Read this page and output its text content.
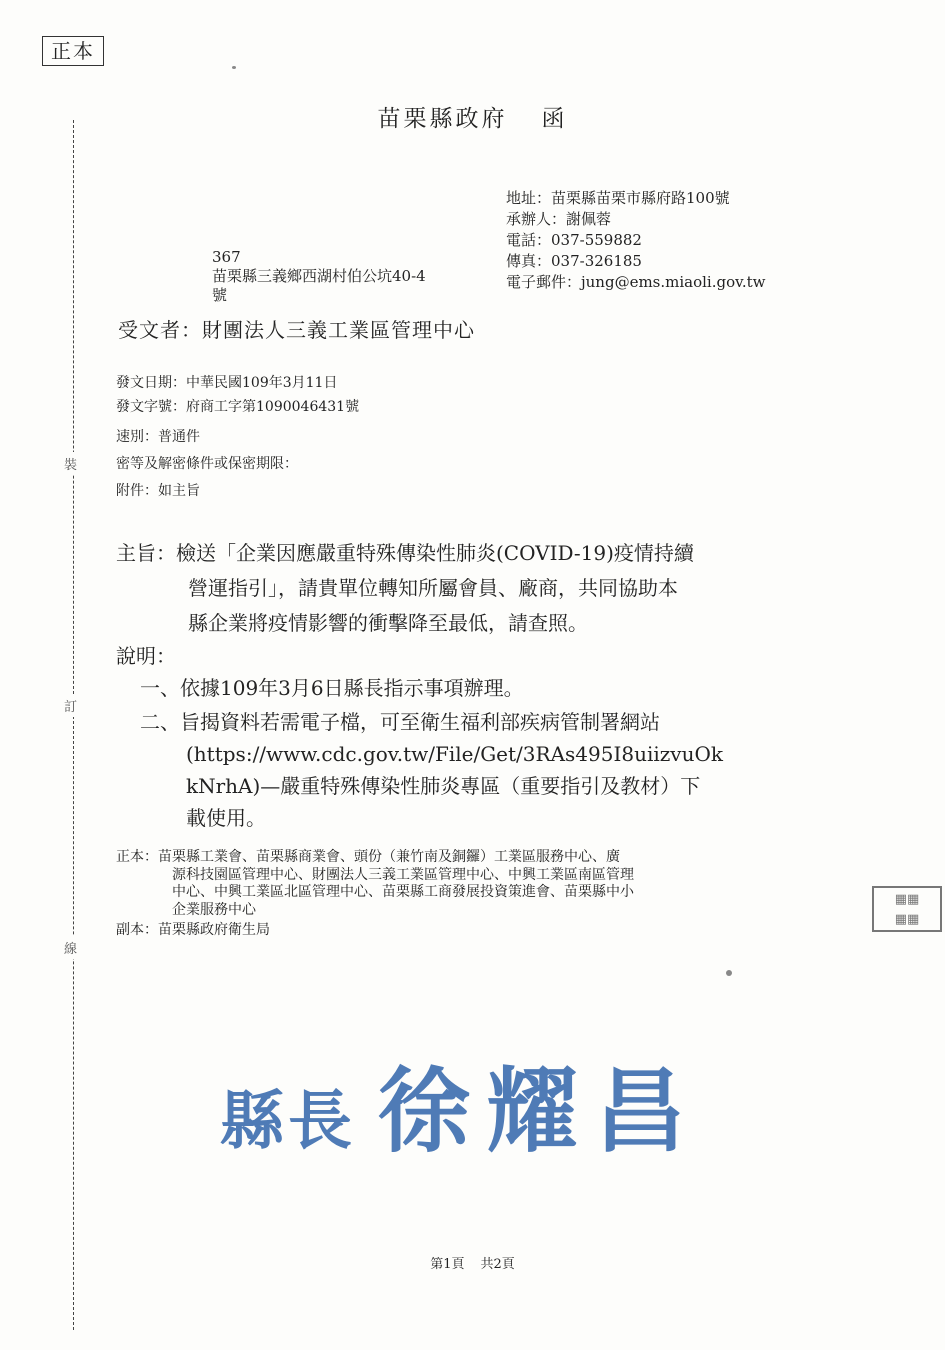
正本
裝
訂
線
苗栗縣政府 函
地址：苗栗縣苗栗市縣府路100號
承辦人：謝佩蓉
電話：037-559882
傳真：037-326185
電子郵件：jung@ems.miaoli.gov.tw
367
苗栗縣三義鄉西湖村伯公坑40-4
號
受文者：財團法人三義工業區管理中心
發文日期：中華民國109年3月11日
發文字號：府商工字第1090046431號
速別：普通件
密等及解密條件或保密期限：
附件：如主旨
主旨：檢送「企業因應嚴重特殊傳染性肺炎(COVID-19)疫情持續
營運指引」，請貴單位轉知所屬會員、廠商，共同協助本
縣企業將疫情影響的衝擊降至最低，請查照。
說明：
一、依據109年3月6日縣長指示事項辦理。
二、旨揭資料若需電子檔，可至衛生福利部疾病管制署網站
(https://www.cdc.gov.tw/File/Get/3RAs495I8uiizvuOk
kNrhA)—嚴重特殊傳染性肺炎專區（重要指引及教材）下
載使用。
正本：苗栗縣工業會、苗栗縣商業會、頭份（兼竹南及銅鑼）工業區服務中心、廣
源科技園區管理中心、財團法人三義工業區管理中心、中興工業區南區管理
中心、中興工業區北區管理中心、苗栗縣工商發展投資策進會、苗栗縣中小
企業服務中心
副本：苗栗縣政府衛生局
▦▦
▦▦
縣長 徐耀昌
第1頁 共2頁
